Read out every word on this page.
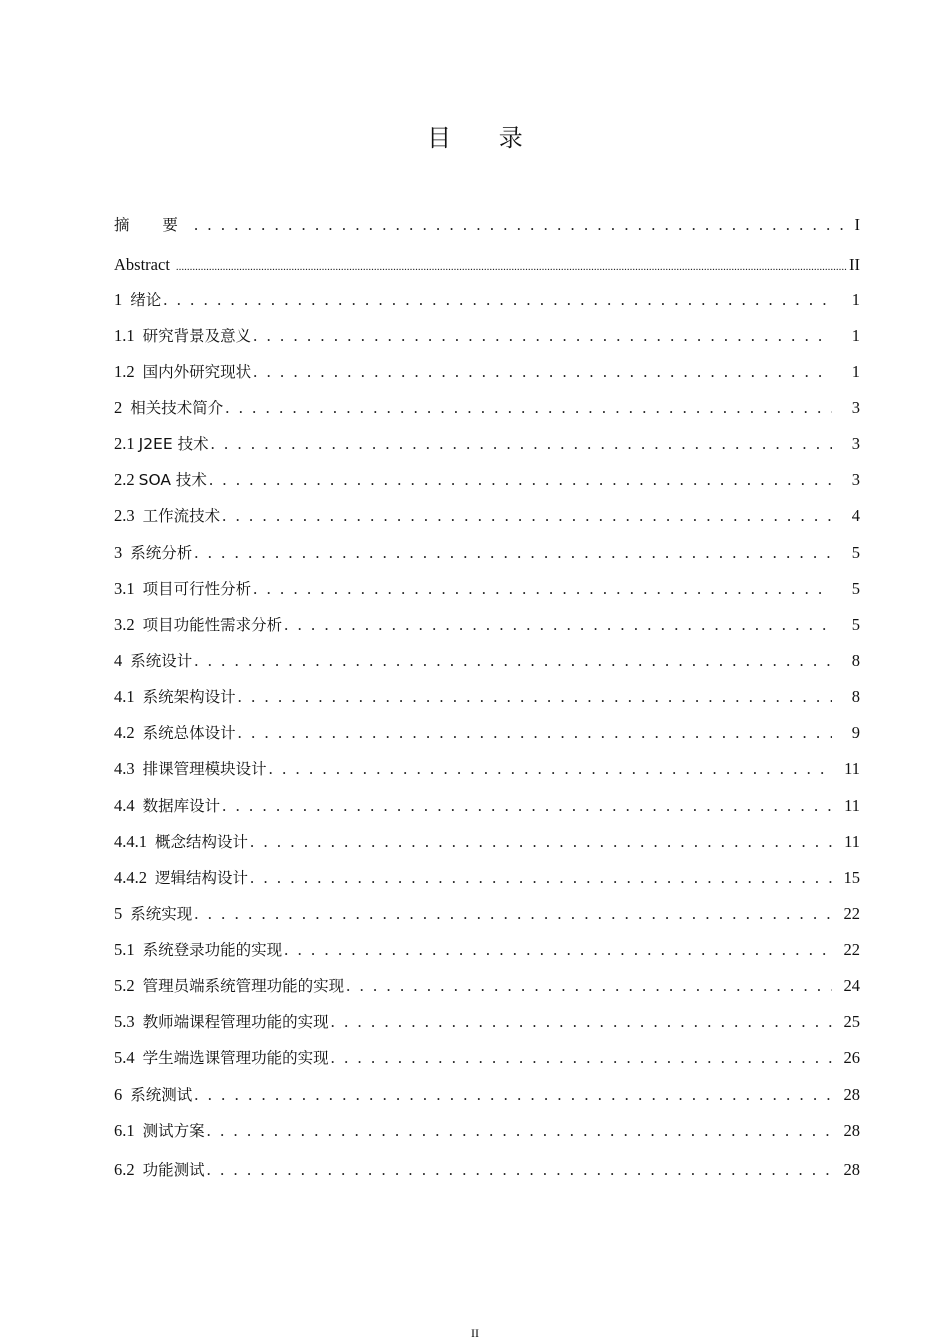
目 录
摘 要 . . .	I
Abstract .....	II
1 绪论 . . .	1
1.1 研究背景及意义 . . .	1
1.2 国内外研究现状 . . .	1
2 相关技术简介 . . .	3
2.1 J2EE 技术 . . .	3
2.2 SOA 技术 . . .	3
2.3 工作流技术 . . .	4
3 系统分析 . . .	5
3.1 项目可行性分析 . . .	5
3.2 项目功能性需求分析 . . .	5
4 系统设计 . . .	8
4.1 系统架构设计 . . .	8
4.2 系统总体设计 . . .	9
4.3 排课管理模块设计 . . .	11
4.4 数据库设计 . . .	11
4.4.1 概念结构设计 . . .	11
4.4.2 逻辑结构设计 . . .	15
5 系统实现 . . .	22
5.1 系统登录功能的实现 . . .	22
5.2 管理员端系统管理功能的实现 . . .	24
5.3 教师端课程管理功能的实现 . . .	25
5.4 学生端选课管理功能的实现 . . .	26
6 系统测试 . . .	28
6.1 测试方案 . . .	28
6.2 功能测试 . . .	28
II
